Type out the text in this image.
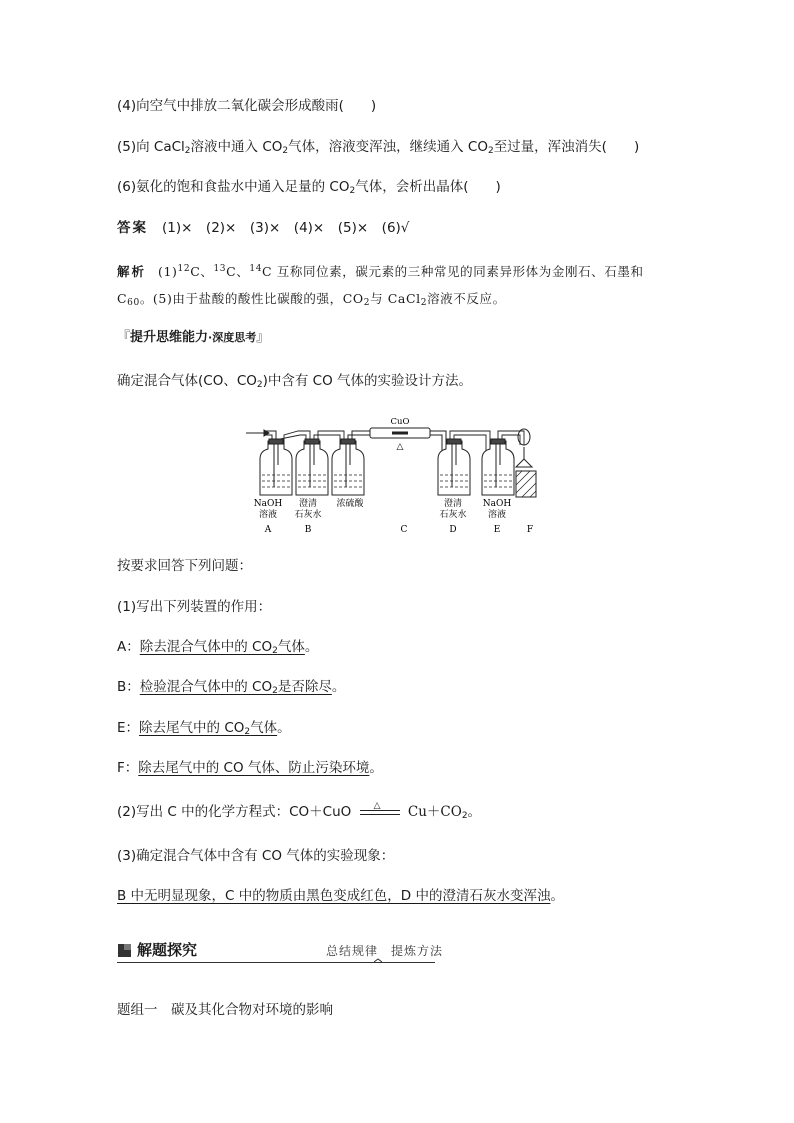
(4)向空气中排放二氧化碳会形成酸雨(　　)
(5)向 CaCl$_2$溶液中通入 $CO_2$气体，溶液变浑浊，继续通入 $CO_2$至过量，浑浊消失(　　)
(6)氨化的饱和食盐水中通入足量的 $CO_2$气体，会析出晶体(　　)
答案 (1)×　(2)×　(3)×　(4)×　(5)×　(6)√
解析 $(1)^{12}C$、$^{13}$C、$^{14}$C 互称同位素，碳元素的三种常见的同素异形体为金刚石、石墨和
$C_{60}$。(5)由于盐酸的酸性比碳酸的强，$CO_2$与 CaCl$_2$溶液不反应。
『提升思维能力·深度思考』
确定混合气体(CO、$CO_2$)中含有 CO 气体的实验设计方法。
CuO
△
NaOH
溶液
澄清
石灰水
浓硫酸	澄清
石灰水
NaOH
溶液
A	B	C	D	E	F
按要求回答下列问题：
(1)写出下列装置的作用：
A：除去混合气体中的 $CO_2$气体。
B：检验混合气体中的 $CO_2$是否除尽。
E：除去尾气中的 $CO_2$气体。
F：除去尾气中的 CO 气体、防止污染环境。
(2)写出 C 中的化学方程式：CO＋CuO △ $Cu+CO_2$。
(3)确定混合气体中含有 CO 气体的实验现象：
B 中无明显现象，C 中的物质由黑色变成红色，D 中的澄清石灰水变浑浊。
解题探究	总结规律　提炼方法
题组一　碳及其化合物对环境的影响
